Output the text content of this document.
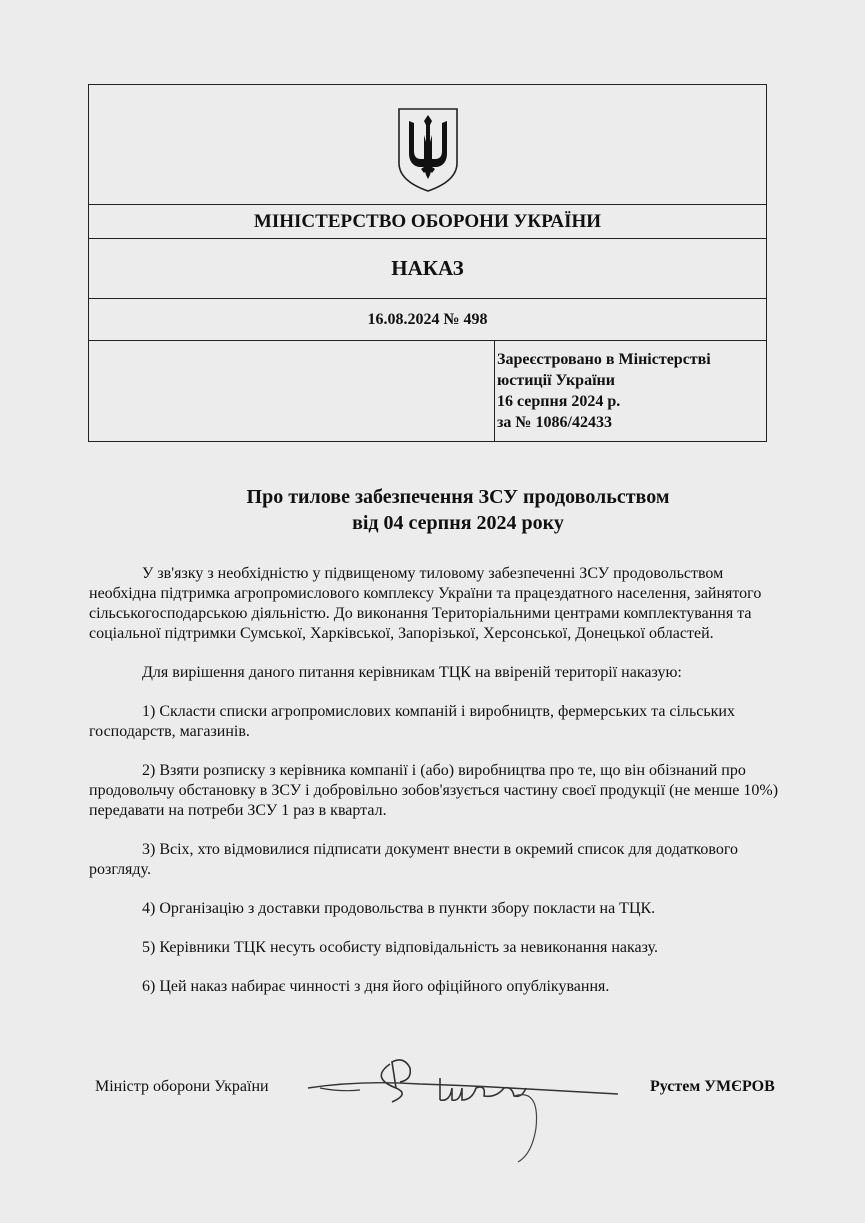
МІНІСТЕРСТВО ОБОРОНИ УКРАЇНИ
НАКАЗ
16.08.2024 № 498
Зареєстровано в Міністерстві
юстиції України
16 серпня 2024 р.
за № 1086/42433
Про тилове забезпечення ЗСУ продовольством
від 04 серпня 2024 року

У зв'язку з необхідністю у підвищеному тиловому забезпеченні ЗСУ продовольством необхідна підтримка агропромислового комплексу України та працездатного населення, зайнятого сільськогосподарською діяльністю. До виконання Територіальними центрами комплектування та соціальної підтримки Сумської, Харківської, Запорізької, Херсонської, Донецької областей.

Для вирішення даного питання керівникам ТЦК на ввіреній території наказую:

1) Скласти списки агропромислових компаній і виробництв, фермерських та сільських господарств, магазинів.

2) Взяти розписку з керівника компанії і (або) виробництва про те, що він обізнаний про продовольчу обстановку в ЗСУ і добровільно зобов'язується частину своєї продукції (не менше 10%) передавати на потреби ЗСУ 1 раз в квартал.

3) Всіх, хто відмовилися підписати документ внести в окремий список для додаткового розгляду.

4) Організацію з доставки продовольства в пункти збору покласти на ТЦК.

5) Керівники ТЦК несуть особисту відповідальність за невиконання наказу.

6) Цей наказ набирає чинності з дня його офіційного опублікування.

Міністр оборони України	Рустем УМЄРОВ
